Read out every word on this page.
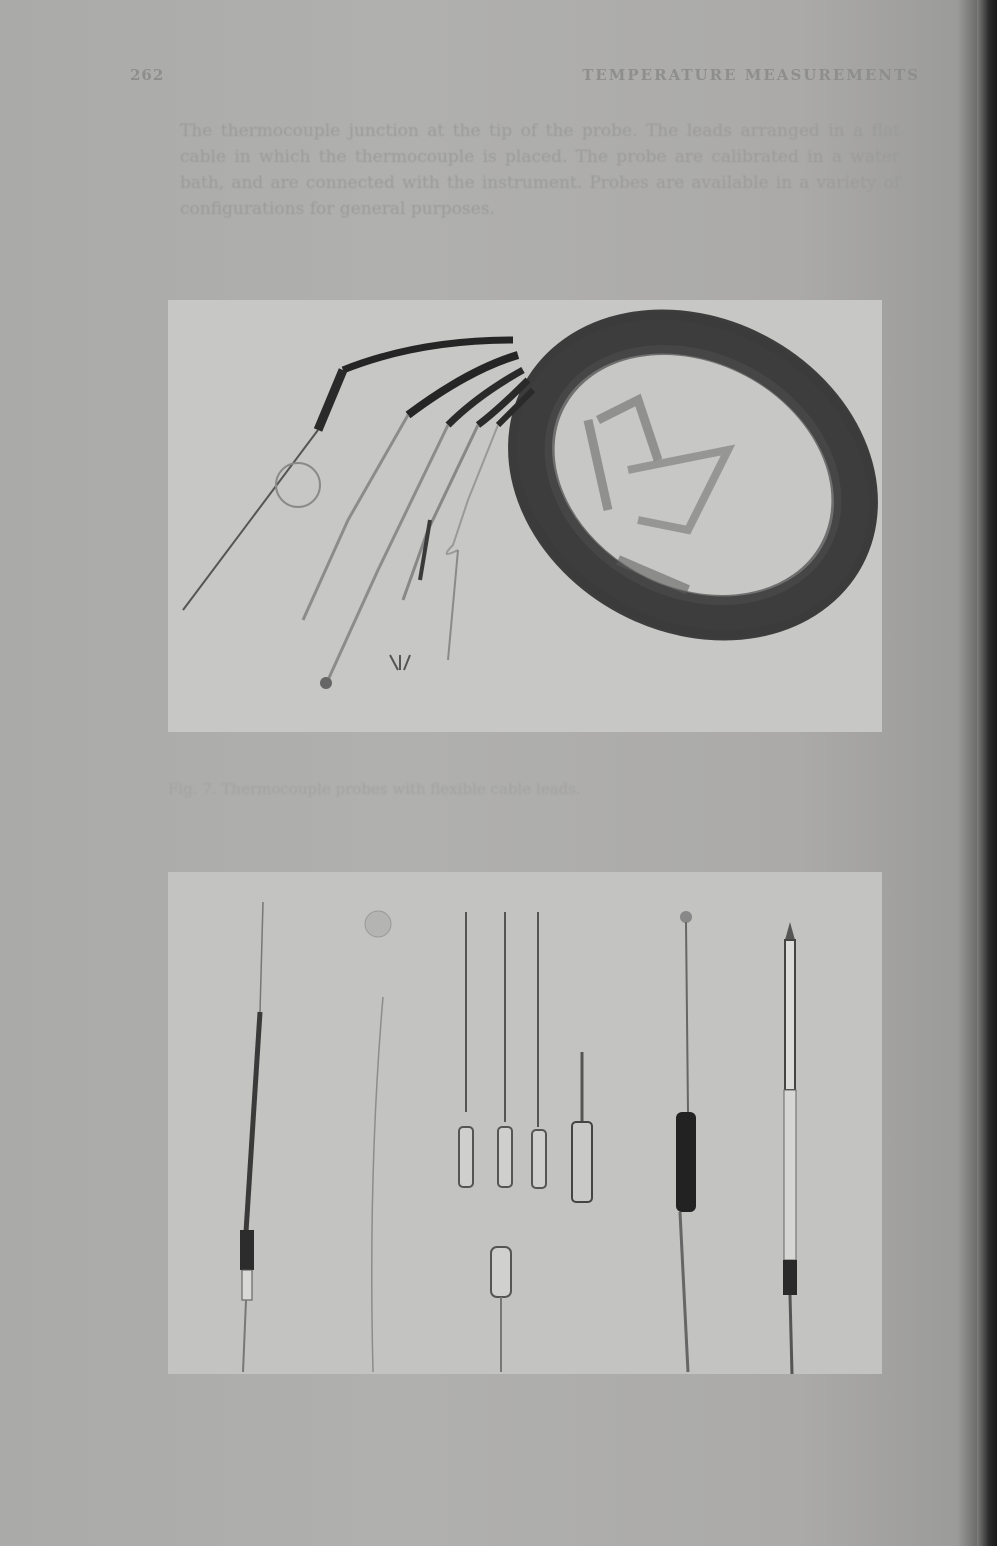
262	TEMPERATURE MEASUREMENTS

The thermocouple junction at the tip of the probe. The leads arranged in a flat cable in which the thermocouple is placed. The probe are calibrated in a water bath, and are connected with the instrument. Probes are available in a variety of configurations for general purposes.

Fig. 7. Thermocouple probes with flexible cable leads.
